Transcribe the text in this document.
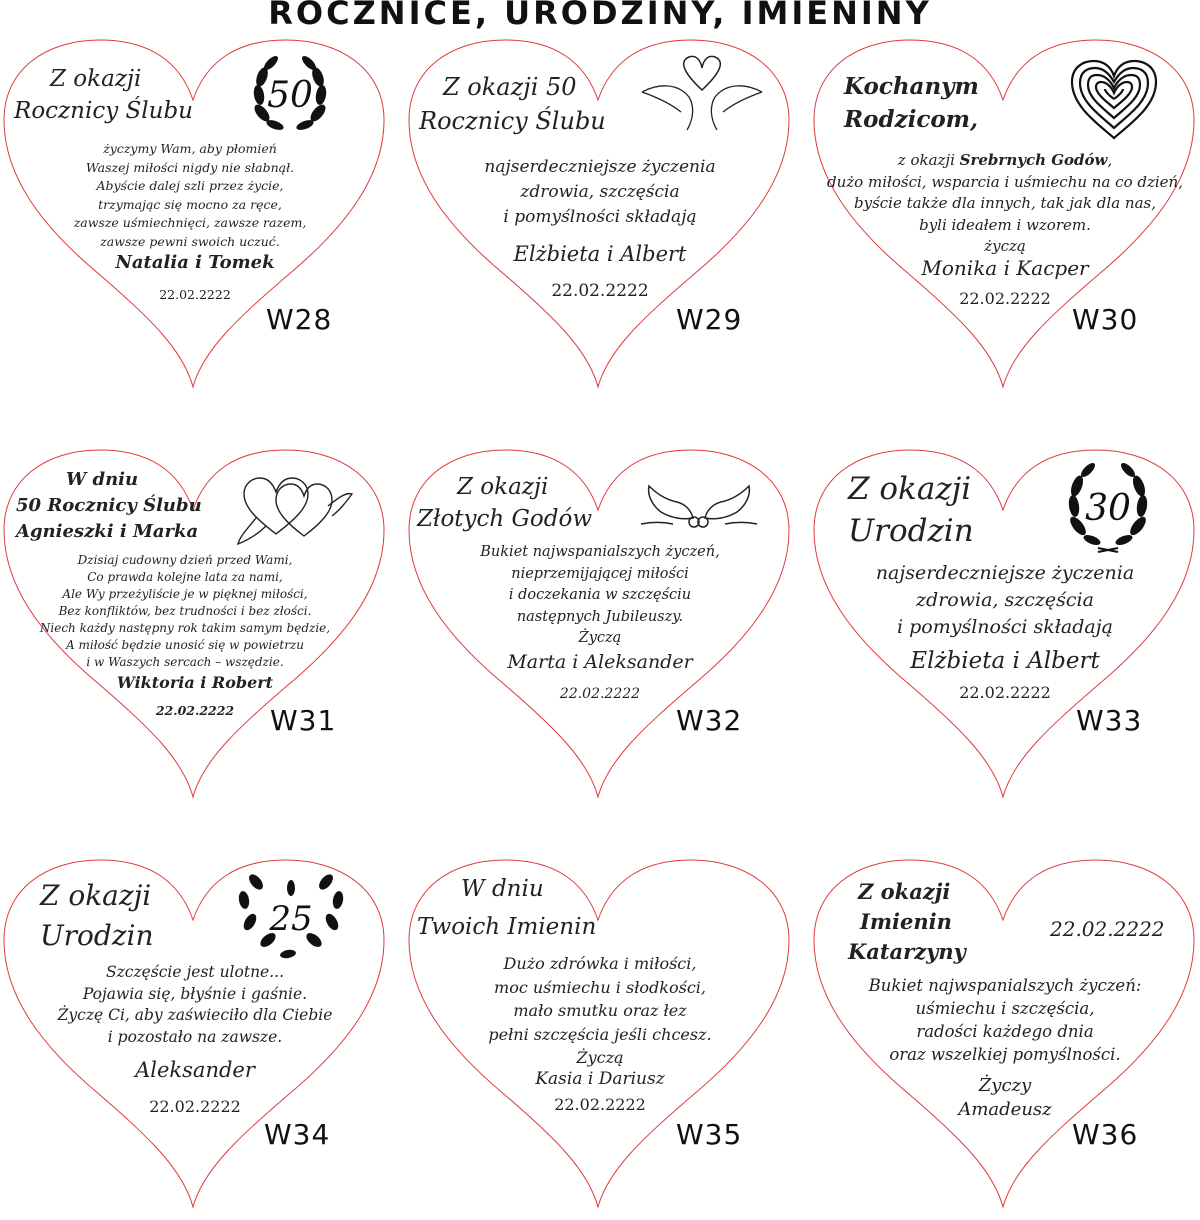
ROCZNICE, URODZINY, IMIENINY

Z okazji

Rocznicy Ślubu 50
życzymy Wam, aby płomień
Waszej miłości nigdy nie słabnął.
Abyście dalej szli przez życie,
trzymając się mocno za ręce,
zawsze uśmiechnięci, zawsze razem,
zawsze pewni swoich uczuć.

Natalia i Tomek

22.02.2222

W28

Z okazji 50

Rocznicy Ślubu

najserdeczniejsze życzenia
zdrowia, szczęścia
i pomyślności składają

Elżbieta i Albert

22.02.2222

W29

Kochanym

Rodzicom,

z okazji Srebrnych Godów,
dużo miłości, wsparcia i uśmiechu na co dzień,
byście także dla innych, tak jak dla nas,
byli ideałem i wzorem.
życzą

Monika i Kacper

22.02.2222

W30

W dniu

50 Rocznicy Ślubu

Agnieszki i Marka

Dzisiaj cudowny dzień przed Wami,
Co prawda kolejne lata za nami,
Ale Wy przeżyliście je w pięknej miłości,
Bez konfliktów, bez trudności i bez złości.
Niech każdy następny rok takim samym będzie,
A miłość będzie unosić się w powietrzu
i w Waszych sercach – wszędzie.

Wiktoria i Robert

22.02.2222	W31

Z okazji

Złotych Godów

Bukiet najwspanialszych życzeń,
nieprzemijającej miłości
i doczekania w szczęściu
następnych Jubileuszy.
Życzą

Marta i Aleksander

22.02.2222

W32

Z okazji

Urodzin

30
najserdeczniejsze życzenia
zdrowia, szczęścia
i pomyślności składają

Elżbieta i Albert

22.02.2222

W33

Z okazji

Urodzin	25
Szczęście jest ulotne...
Pojawia się, błyśnie i gaśnie.
Życzę Ci, aby zaświeciło dla Ciebie
i pozostało na zawsze.

Aleksander

22.02.2222

W34

W dniu

Twoich Imienin

Dużo zdrówka i miłości,
moc uśmiechu i słodkości,
mało smutku oraz łez
pełni szczęścia jeśli chcesz.
Życzą

Kasia i Dariusz

22.02.2222

W35

Z okazji

Imienin

Katarzyny

22.02.2222

Bukiet najwspanialszych życzeń:
uśmiechu i szczęścia,
radości każdego dnia
oraz wszelkiej pomyślności.
Życzy
Amadeusz
W36
